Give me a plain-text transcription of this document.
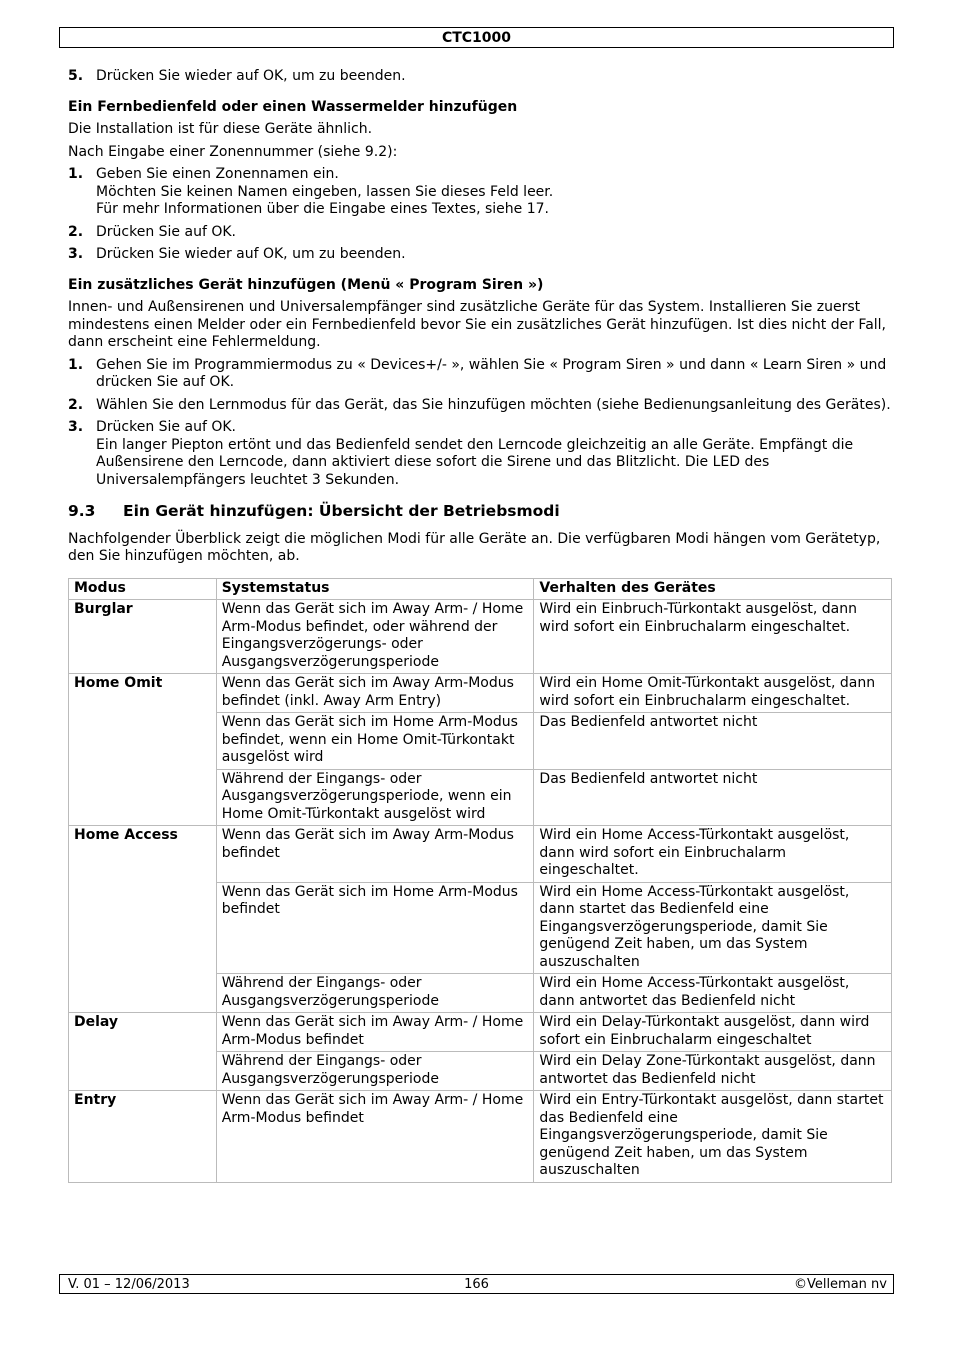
CTC1000
5. Drücken Sie wieder auf OK, um zu beenden.
Ein Fernbedienfeld oder einen Wassermelder hinzufügen

Die Installation ist für diese Geräte ähnlich.

Nach Eingabe einer Zonennummer (siehe 9.2):

1. Geben Sie einen Zonennamen ein.
Möchten Sie keinen Namen eingeben, lassen Sie dieses Feld leer.
Für mehr Informationen über die Eingabe eines Textes, siehe 17.
2. Drücken Sie auf OK.
3. Drücken Sie wieder auf OK, um zu beenden.
Ein zusätzliches Gerät hinzufügen (Menü « Program Siren »)

Innen- und Außensirenen und Universalempfänger sind zusätzliche Geräte für das System. Installieren Sie zuerst mindestens einen Melder oder ein Fernbedienfeld bevor Sie ein zusätzliches Gerät hinzufügen. Ist dies nicht der Fall, dann erscheint eine Fehlermeldung.

1. Gehen Sie im Programmiermodus zu « Devices+/- », wählen Sie « Program Siren » und dann « Learn Siren » und drücken Sie auf OK.
2. Wählen Sie den Lernmodus für das Gerät, das Sie hinzufügen möchten (siehe Bedienungsanleitung des Gerätes).
3. Drücken Sie auf OK.
Ein langer Piepton ertönt und das Bedienfeld sendet den Lerncode gleichzeitig an alle Geräte. Empfängt die Außensirene den Lerncode, dann aktiviert diese sofort die Sirene und das Blitzlicht. Die LED des Universalempfängers leuchtet 3 Sekunden.
9.3 Ein Gerät hinzufügen: Übersicht der Betriebsmodi

Nachfolgender Überblick zeigt die möglichen Modi für alle Geräte an. Die verfügbaren Modi hängen vom Gerätetyp, den Sie hinzufügen möchten, ab.

Modus	Systemstatus	Verhalten des Gerätes
Burglar	Wenn das Gerät sich im Away Arm- / Home Arm-Modus befindet, oder während der Eingangsverzögerungs- oder Ausgangsverzögerungsperiode	Wird ein Einbruch-Türkontakt ausgelöst, dann wird sofort ein Einbruchalarm eingeschaltet.
Home Omit	Wenn das Gerät sich im Away Arm-Modus befindet (inkl. Away Arm Entry)	Wird ein Home Omit-Türkontakt ausgelöst, dann wird sofort ein Einbruchalarm eingeschaltet.
	Wenn das Gerät sich im Home Arm-Modus befindet, wenn ein Home Omit-Türkontakt ausgelöst wird	Das Bedienfeld antwortet nicht
	Während der Eingangs- oder Ausgangsverzögerungsperiode, wenn ein Home Omit-Türkontakt ausgelöst wird	Das Bedienfeld antwortet nicht
Home Access	Wenn das Gerät sich im Away Arm-Modus befindet	Wird ein Home Access-Türkontakt ausgelöst, dann wird sofort ein Einbruchalarm eingeschaltet.
	Wenn das Gerät sich im Home Arm-Modus befindet	Wird ein Home Access-Türkontakt ausgelöst, dann startet das Bedienfeld eine Eingangsverzögerungsperiode, damit Sie genügend Zeit haben, um das System auszuschalten
	Während der Eingangs- oder Ausgangsverzögerungsperiode	Wird ein Home Access-Türkontakt ausgelöst, dann antwortet das Bedienfeld nicht
Delay	Wenn das Gerät sich im Away Arm- / Home Arm-Modus befindet	Wird ein Delay-Türkontakt ausgelöst, dann wird sofort ein Einbruchalarm eingeschaltet
	Während der Eingangs- oder Ausgangsverzögerungsperiode	Wird ein Delay Zone-Türkontakt ausgelöst, dann antwortet das Bedienfeld nicht
Entry	Wenn das Gerät sich im Away Arm- / Home Arm-Modus befindet	Wird ein Entry-Türkontakt ausgelöst, dann startet das Bedienfeld eine Eingangsverzögerungsperiode, damit Sie genügend Zeit haben, um das System auszuschalten
V. 01 – 12/06/2013	166	©Velleman nv
